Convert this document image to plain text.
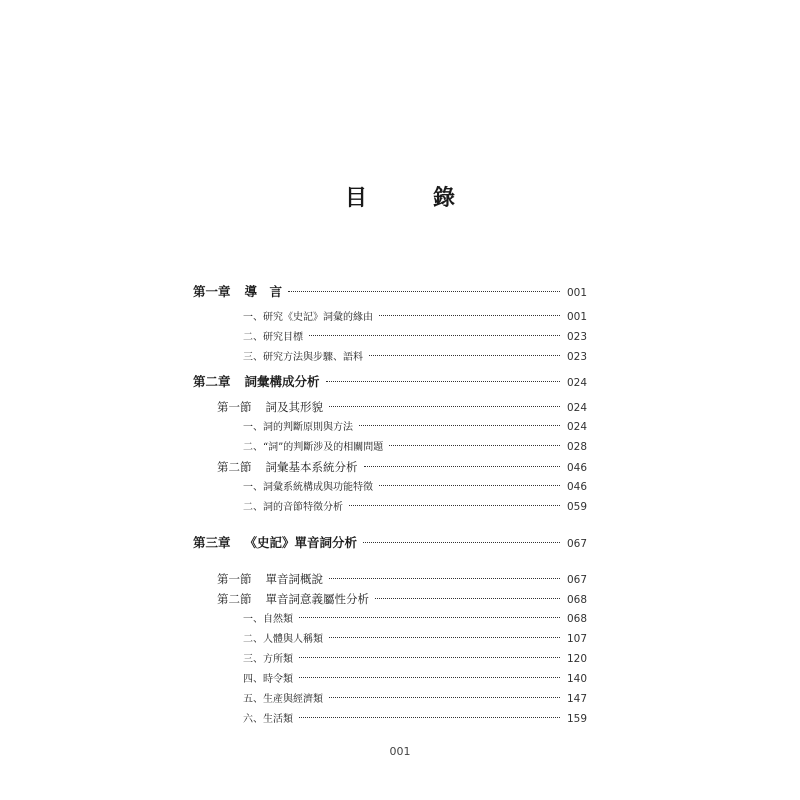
目　錄
第一章 導　言	001
一、研究《史記》詞彙的緣由	001
二、研究目標	023
三、研究方法與步驟、語料	023
第二章 詞彙構成分析	024
第一節 詞及其形貌	024
一、詞的判斷原則與方法	024
二、“詞”的判斷涉及的相關問題	028
第二節 詞彙基本系統分析	046
一、詞彙系統構成與功能特徵	046
二、詞的音節特徵分析	059
第三章 《史記》單音詞分析	067
第一節 單音詞概說	067
第二節 單音詞意義屬性分析	068
一、自然類	068
二、人體與人稱類	107
三、方所類	120
四、時令類	140
五、生產與經濟類	147
六、生活類	159
001
